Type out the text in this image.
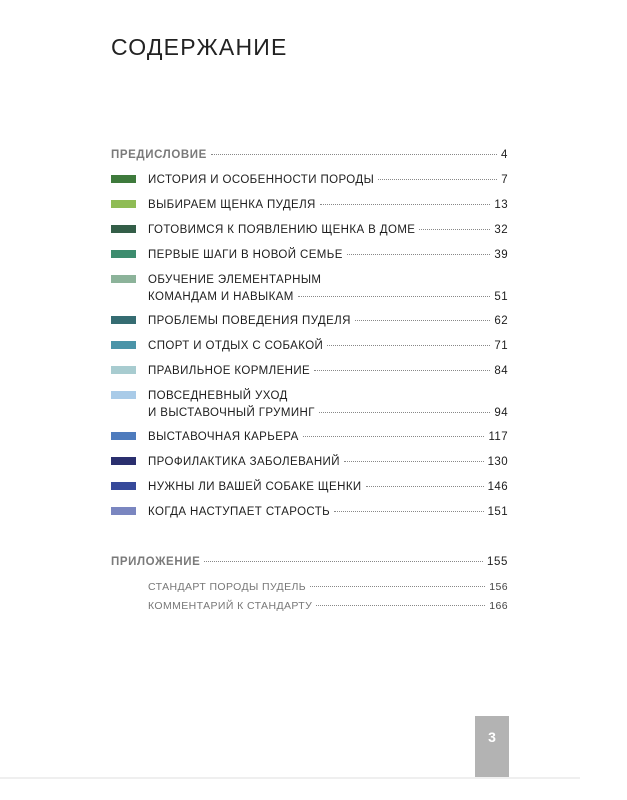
СОДЕРЖАНИЕ
ПРЕДИСЛОВИЕ	4
ИСТОРИЯ И ОСОБЕННОСТИ ПОРОДЫ	7
ВЫБИРАЕМ ЩЕНКА ПУДЕЛЯ	13
ГОТОВИМСЯ К ПОЯВЛЕНИЮ ЩЕНКА В ДОМЕ	32
ПЕРВЫЕ ШАГИ В НОВОЙ СЕМЬЕ	39
ОБУЧЕНИЕ ЭЛЕМЕНТАРНЫМ
КОМАНДАМ И НАВЫКАМ	51
ПРОБЛЕМЫ ПОВЕДЕНИЯ ПУДЕЛЯ	62
СПОРТ И ОТДЫХ С СОБАКОЙ	71
ПРАВИЛЬНОЕ КОРМЛЕНИЕ	84
ПОВСЕДНЕВНЫЙ УХОД
И ВЫСТАВОЧНЫЙ ГРУМИНГ	94
ВЫСТАВОЧНАЯ КАРЬЕРА	117
ПРОФИЛАКТИКА ЗАБОЛЕВАНИЙ	130
НУЖНЫ ЛИ ВАШЕЙ СОБАКЕ ЩЕНКИ	146
КОГДА НАСТУПАЕТ СТАРОСТЬ	151
ПРИЛОЖЕНИЕ	155
СТАНДАРТ ПОРОДЫ ПУДЕЛЬ	156
КОММЕНТАРИЙ К СТАНДАРТУ	166
3
